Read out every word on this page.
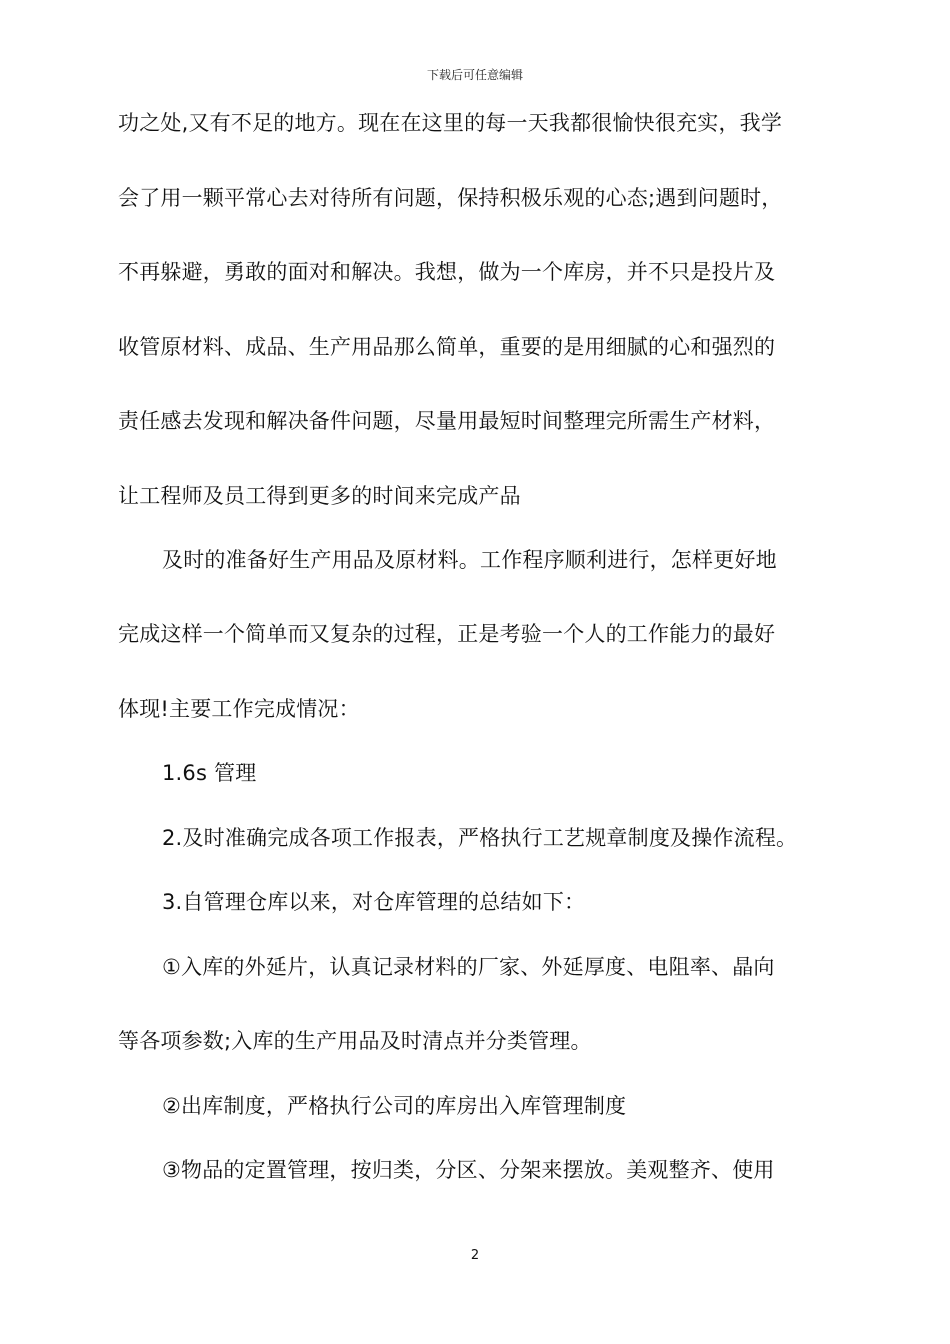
下载后可任意编辑
功之处,又有不足的地方。现在在这里的每一天我都很愉快很充实，我学
会了用一颗平常心去对待所有问题，保持积极乐观的心态;遇到问题时，
不再躲避，勇敢的面对和解决。我想，做为一个库房，并不只是投片及
收管原材料、成品、生产用品那么简单，重要的是用细腻的心和强烈的
责任感去发现和解决备件问题，尽量用最短时间整理完所需生产材料，
让工程师及员工得到更多的时间来完成产品
及时的准备好生产用品及原材料。工作程序顺利进行，怎样更好地
完成这样一个简单而又复杂的过程，正是考验一个人的工作能力的最好
体现!主要工作完成情况：
1.6s 管理
2.及时准确完成各项工作报表，严格执行工艺规章制度及操作流程。
3.自管理仓库以来，对仓库管理的总结如下：
①入库的外延片，认真记录材料的厂家、外延厚度、电阻率、晶向
等各项参数;入库的生产用品及时清点并分类管理。
②出库制度，严格执行公司的库房出入库管理制度
③物品的定置管理，按归类，分区、分架来摆放。美观整齐、使用
2
